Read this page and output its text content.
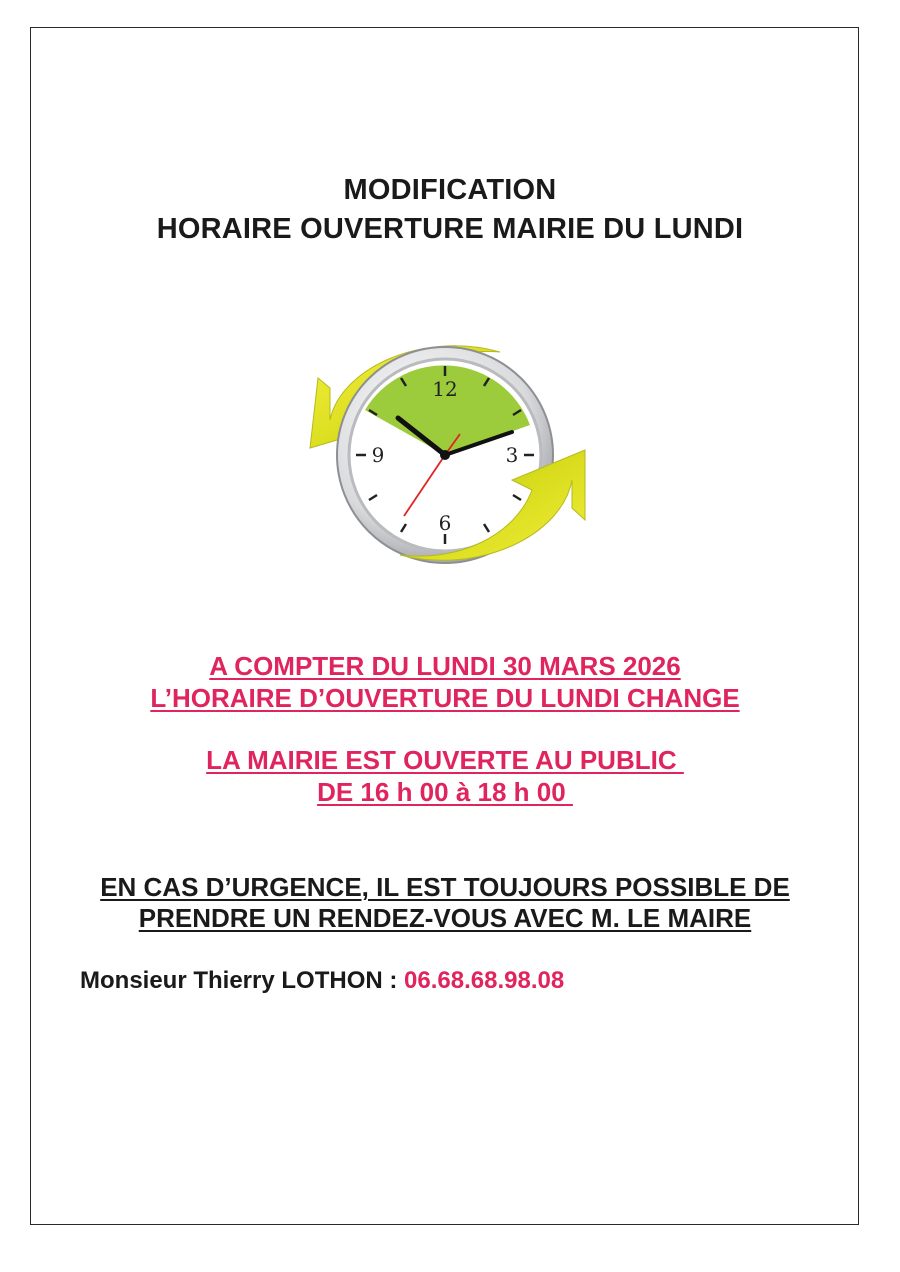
MODIFICATION
HORAIRE OUVERTURE MAIRIE DU LUNDI
12
3
6
9
A COMPTER DU LUNDI 30 MARS 2026
L’HORAIRE D’OUVERTURE DU LUNDI CHANGE
LA MAIRIE EST OUVERTE AU PUBLIC
DE 16 h 00 à 18 h 00
EN CAS D’URGENCE, IL EST TOUJOURS POSSIBLE DE
PRENDRE UN RENDEZ-VOUS AVEC M. LE MAIRE
Monsieur Thierry LOTHON : 06.68.68.98.08
